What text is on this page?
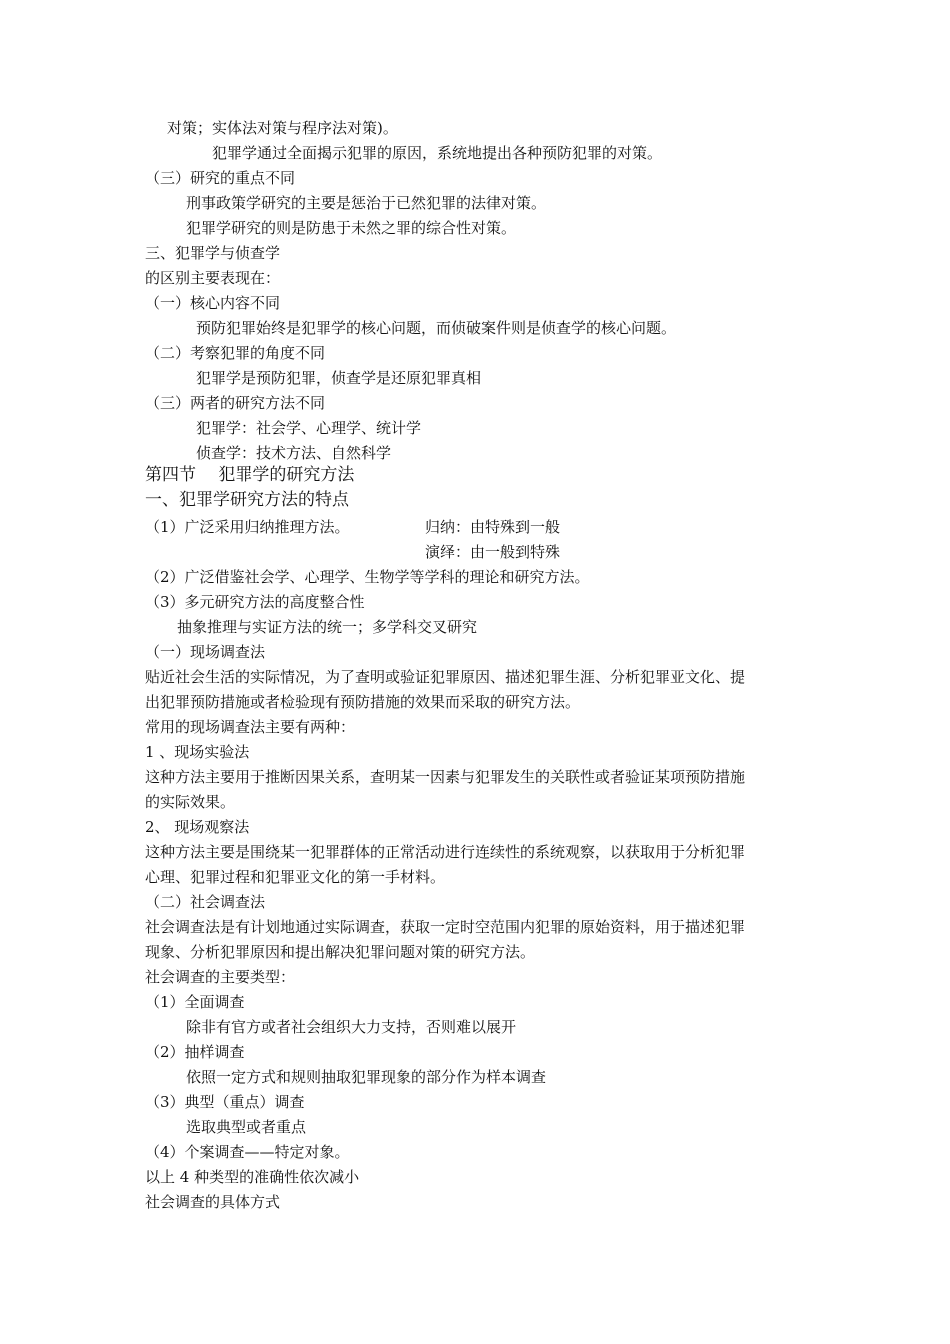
对策；实体法对策与程序法对策)。
犯罪学通过全面揭示犯罪的原因，系统地提出各种预防犯罪的对策。
（三）研究的重点不同
刑事政策学研究的主要是惩治于已然犯罪的法律对策。
犯罪学研究的则是防患于未然之罪的综合性对策。
三、犯罪学与侦查学
的区别主要表现在：
（一）核心内容不同
预防犯罪始终是犯罪学的核心问题，而侦破案件则是侦查学的核心问题。
（二）考察犯罪的角度不同
犯罪学是预防犯罪，侦查学是还原犯罪真相
（三）两者的研究方法不同
犯罪学：社会学、心理学、统计学
侦查学：技术方法、自然科学
第四节　 犯罪学的研究方法
一、犯罪学研究方法的特点
（1）广泛采用归纳推理方法。	归纳：由特殊到一般
演绎：由一般到特殊
（2）广泛借鉴社会学、心理学、生物学等学科的理论和研究方法。
（3）多元研究方法的高度整合性
抽象推理与实证方法的统一；多学科交叉研究
（一）现场调查法
贴近社会生活的实际情况，为了查明或验证犯罪原因、描述犯罪生涯、分析犯罪亚文化、提
出犯罪预防措施或者检验现有预防措施的效果而采取的研究方法。
常用的现场调查法主要有两种：
1 、现场实验法
这种方法主要用于推断因果关系，查明某一因素与犯罪发生的关联性或者验证某项预防措施
的实际效果。
2、 现场观察法
这种方法主要是围绕某一犯罪群体的正常活动进行连续性的系统观察，以获取用于分析犯罪
心理、犯罪过程和犯罪亚文化的第一手材料。
（二）社会调查法
社会调查法是有计划地通过实际调查，获取一定时空范围内犯罪的原始资料，用于描述犯罪
现象、分析犯罪原因和提出解决犯罪问题对策的研究方法。
社会调查的主要类型：
（1）全面调查
除非有官方或者社会组织大力支持，否则难以展开
（2）抽样调查
依照一定方式和规则抽取犯罪现象的部分作为样本调查
（3）典型（重点）调查
选取典型或者重点
（4）个案调查——特定对象。
以上 4 种类型的准确性依次减小
社会调查的具体方式
